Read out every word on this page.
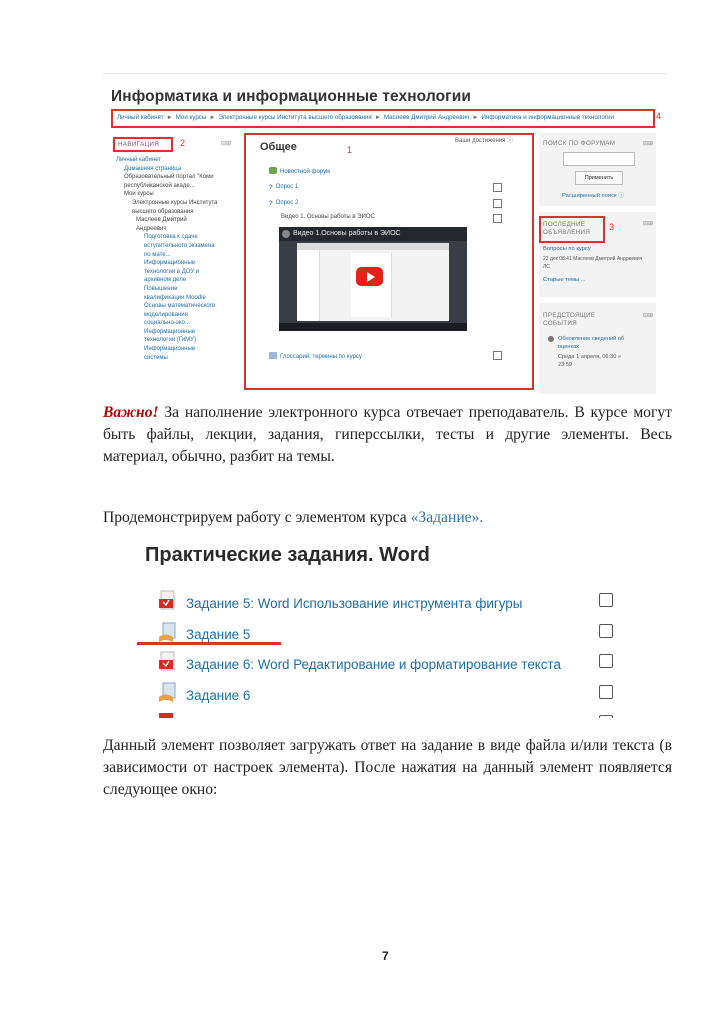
Информатика и информационные технологии
Личный кабинет ► Мои курсы ► Электронные курсы Института высшего образования ► Маслеев Дмитрий Андреевич ► Информатика и информационные технологии	4
НАВИГАЦИЯ 2	⊟⊞
Личный кабинет
Домашняя страница
Образовательный портал "Коми
республиканской акаде...
Мои курсы
Электронные курсы Института
высшего образования
Маслеев Дмитрий
Андреевич
Подготовка к сдаче
вступительного экзамена
по мате...
Информационные
технологии в ДОУ и
архивном деле
Повышение
квалификации Moodle
Основы математического
моделирования
социально-эко...
Информационные
технологии (ГиМУ)
Информационные
системы
Общее	1
Ваши достижения ⓘ
Новостной форум
? Опрос 1
? Опрос 2
Видео 1. Основы работы в ЭИОС
Видео 1.Основы работы в ЭИОС
Глоссарий: термины по курсу
ПОИСК ПО ФОРУМАМ	⊟⊞
Применить
Расширенный поиск ⓘ
ПОСЛЕДНИЕ
ОБЪЯВЛЕНИЯ
3	⊟⊞
Вопросы по курсу
22 дек 08:41 Маслеев Дмитрий Андреевич
ЛС
Старые темы ...
ПРЕДСТОЯЩИЕ
СОБЫТИЯ
⊟⊞
Обновление сведений об
оценках
Среда 1 апреля, 06:30 »
23:59
Важно! За наполнение электронного курса отвечает преподаватель. В курсе могут быть файлы, лекции, задания, гиперссылки, тесты и другие элементы. Весь материал, обычно, разбит на темы.
Продемонстрируем работу с элементом курса «Задание».
Практические задания. Word
Задание 5: Word Использование инструмента фигуры
Задание 5
Задание 6: Word Редактирование и форматирование текста
Задание 6
Данный элемент позволяет загружать ответ на задание в виде файла и/или текста (в зависимости от настроек элемента). После нажатия на данный элемент появляется следующее окно:
7
